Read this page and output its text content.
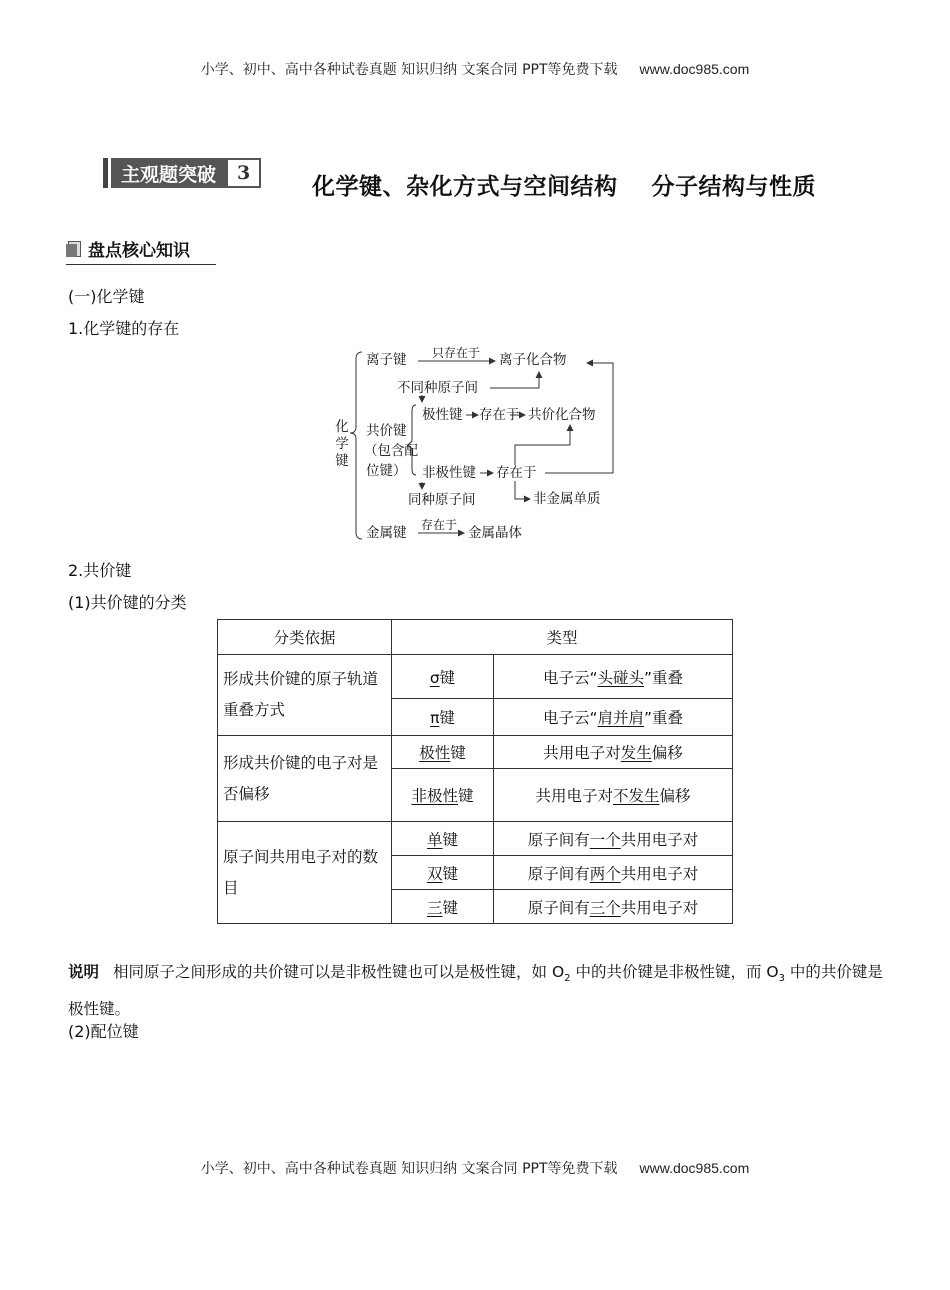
小学、初中、高中各种试卷真题 知识归纳 文案合同 PPT等免费下载 www.doc985.com
主观题突破	3
化学键、杂化方式与空间结构    分子结构与性质
盘点核心知识
(一)化学键
1.化学键的存在
化学键
离子键 只存在于 离子化合物
不同种原子间
共价键
（包含配
位键）
极性键 存在于 共价化合物
非极性键 存在于
同种原子间	非金属单质
金属键 存在于 金属晶体
2.共价键
(1)共价键的分类
分类依据	类型	
形成共价键的原子轨道重叠方式	σ键	电子云“头碰头”重叠
	π键	电子云“肩并肩”重叠
形成共价键的电子对是否偏移	极性键	共用电子对发生偏移
	非极性键	共用电子对不发生偏移
原子间共用电子对的数目	单键	原子间有一个共用电子对
	双键	原子间有两个共用电子对
	三键	原子间有三个共用电子对
说明 相同原子之间形成的共价键可以是非极性键也可以是极性键，如 $O_2$ 中的共价键是非极性键，而 $O_3$ 中的共价键是极性键。
(2)配位键
小学、初中、高中各种试卷真题 知识归纳 文案合同 PPT等免费下载 www.doc985.com
